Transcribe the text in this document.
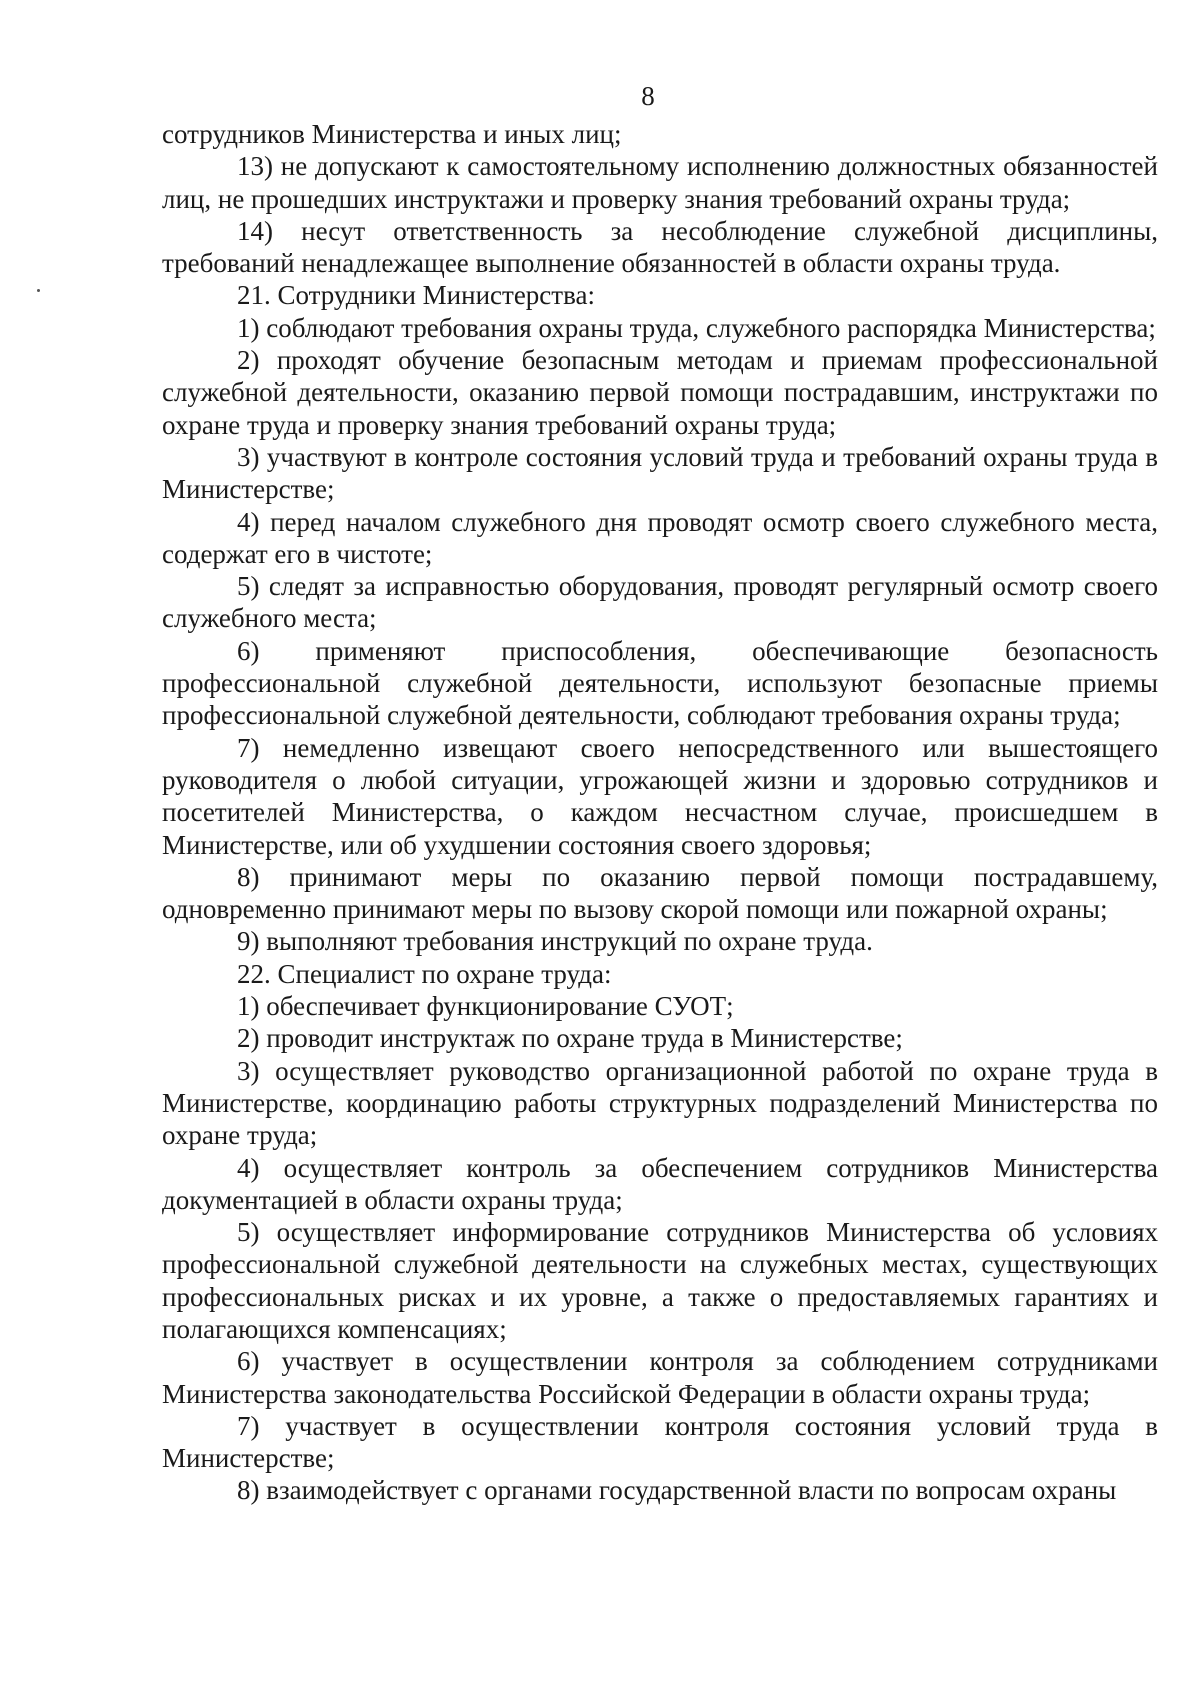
8

сотрудников Министерства и иных лиц;

13) не допускают к самостоятельному исполнению должностных обязанностей лиц, не прошедших инструктажи и проверку знания требований охраны труда;

14) несут ответственность за несоблюдение служебной дисциплины, требований ненадлежащее выполнение обязанностей в области охраны труда.

21. Сотрудники Министерства:

1) соблюдают требования охраны труда, служебного распорядка Министерства;

2) проходят обучение безопасным методам и приемам профессиональной служебной деятельности, оказанию первой помощи пострадавшим, инструктажи по охране труда и проверку знания требований охраны труда;

3) участвуют в контроле состояния условий труда и требований охраны труда в Министерстве;

4) перед началом служебного дня проводят осмотр своего служебного места, содержат его в чистоте;

5) следят за исправностью оборудования, проводят регулярный осмотр своего служебного места;

6) применяют приспособления, обеспечивающие безопасность профессиональной служебной деятельности, используют безопасные приемы профессиональной служебной деятельности, соблюдают требования охраны труда;

7) немедленно извещают своего непосредственного или вышестоящего руководителя о любой ситуации, угрожающей жизни и здоровью сотрудников и посетителей Министерства, о каждом несчастном случае, происшедшем в Министерстве, или об ухудшении состояния своего здоровья;

8) принимают меры по оказанию первой помощи пострадавшему, одновременно принимают меры по вызову скорой помощи или пожарной охраны;

9) выполняют требования инструкций по охране труда.

22. Специалист по охране труда:

1) обеспечивает функционирование СУОТ;

2) проводит инструктаж по охране труда в Министерстве;

3) осуществляет руководство организационной работой по охране труда в Министерстве, координацию работы структурных подразделений Министерства по охране труда;

4) осуществляет контроль за обеспечением сотрудников Министерства документацией в области охраны труда;

5) осуществляет информирование сотрудников Министерства об условиях профессиональной служебной деятельности на служебных местах, существующих профессиональных рисках и их уровне, а также о предоставляемых гарантиях и полагающихся компенсациях;

6) участвует в осуществлении контроля за соблюдением сотрудниками Министерства законодательства Российской Федерации в области охраны труда;

7) участвует в осуществлении контроля состояния условий труда в Министерстве;

8) взаимодействует с органами государственной власти по вопросам охраны
